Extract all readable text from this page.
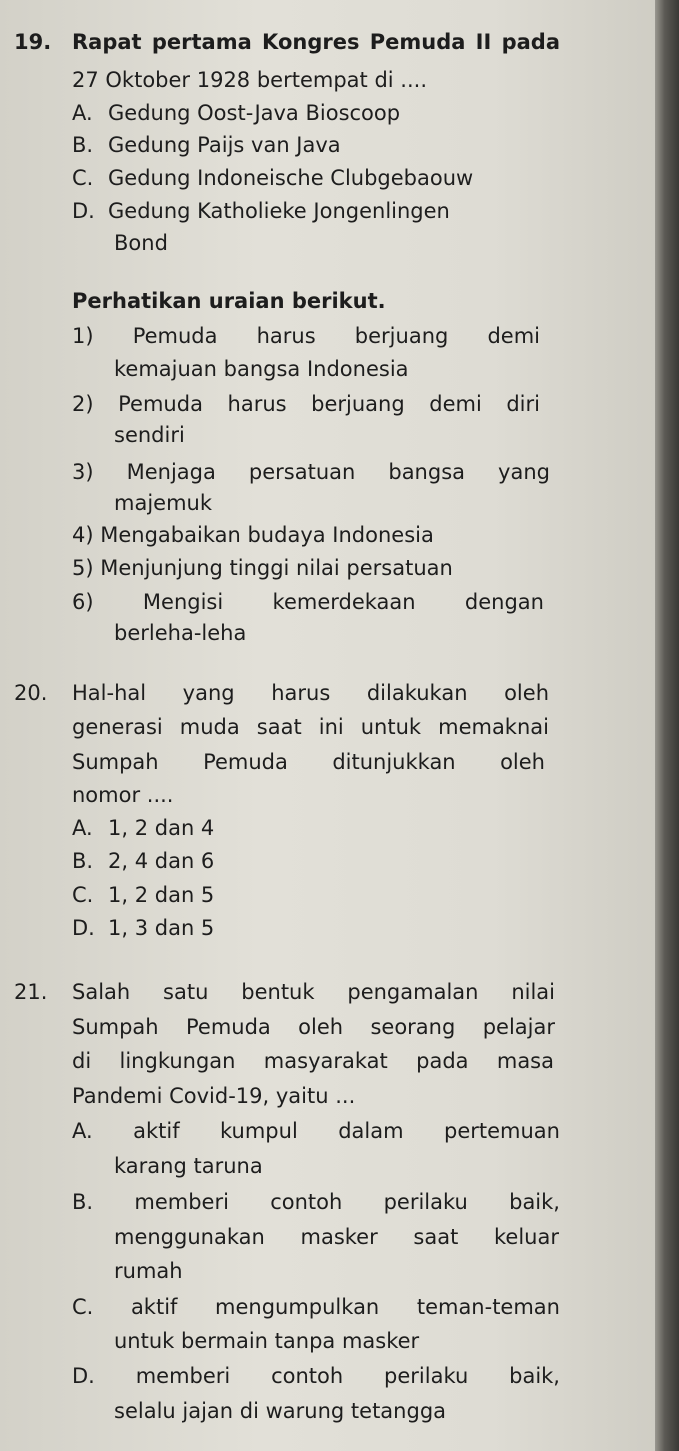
19. Rapat pertama Kongres Pemuda II pada
27 Oktober 1928 bertempat di ....
A. Gedung Oost-Java Bioscoop
B. Gedung Paijs van Java
C. Gedung Indoneische Clubgebaouw
D. Gedung Katholieke Jongenlingen
Bond
Perhatikan uraian berikut.
1) Pemuda harus berjuang demi
kemajuan bangsa Indonesia
2) Pemuda harus berjuang demi diri
sendiri
3) Menjaga persatuan bangsa yang
majemuk
4) Mengabaikan budaya Indonesia
5) Menjunjung tinggi nilai persatuan
6) Mengisi kemerdekaan dengan
berleha-leha
20. Hal-hal yang harus dilakukan oleh
generasi muda saat ini untuk memaknai
Sumpah Pemuda ditunjukkan oleh
nomor ....
A. 1, 2 dan 4
B. 2, 4 dan 6
C. 1, 2 dan 5
D. 1, 3 dan 5
21. Salah satu bentuk pengamalan nilai
Sumpah Pemuda oleh seorang pelajar
di lingkungan masyarakat pada masa
Pandemi Covid-19, yaitu ...
A. aktif kumpul dalam pertemuan
karang taruna
B. memberi contoh perilaku baik,
menggunakan masker saat keluar
rumah
C. aktif mengumpulkan teman-teman
untuk bermain tanpa masker
D. memberi contoh perilaku baik,
selalu jajan di warung tetangga
